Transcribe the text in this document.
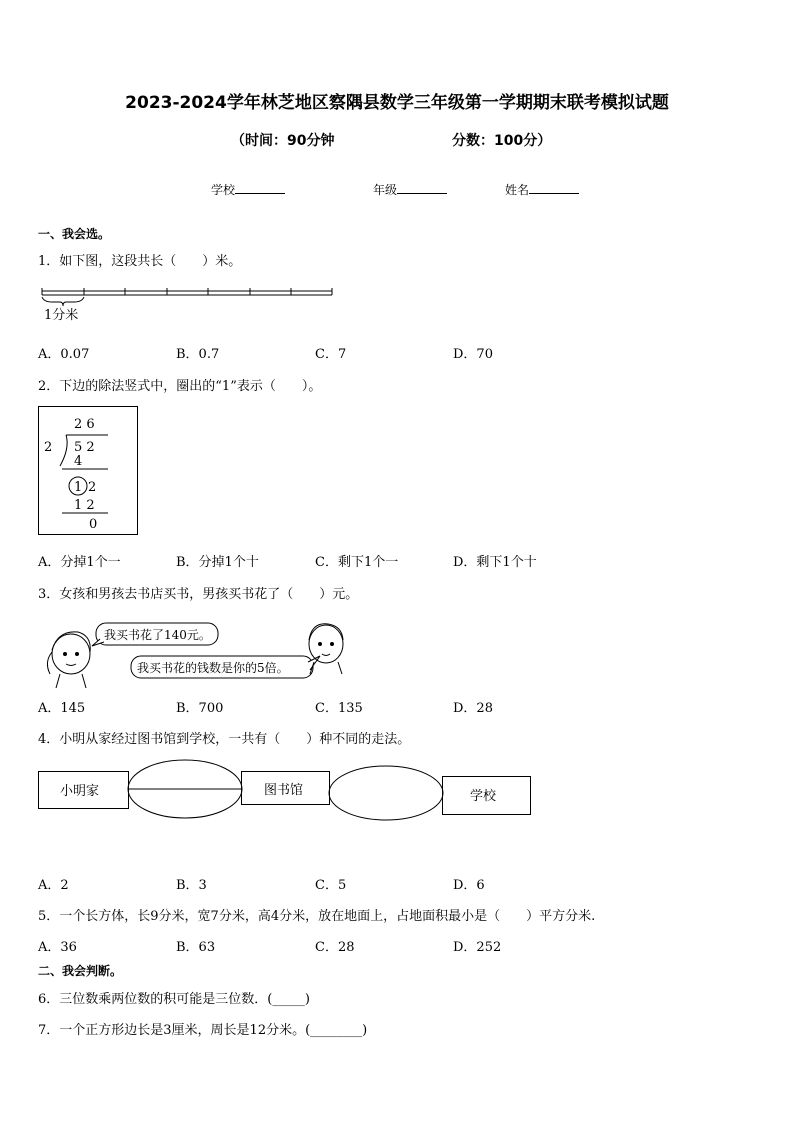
2023-2024学年林芝地区察隅县数学三年级第一学期期末联考模拟试题
（时间：90分钟	分数：100分）
学校	年级	姓名
一、我会选。
1．如下图，这段共长（　　）米。
1分米
A．0.07	B．0.7	C．7	D．70
2．下边的除法竖式中，圈出的“1”表示（　　）。
2 6
2 5 2
4
1 2
1 2
0
A．分掉1个一	B．分掉1个十	C．剩下1个一	D．剩下1个十
3．女孩和男孩去书店买书，男孩买书花了（　　）元。
我买书花了140元。
我买书花的钱数是你的5倍。
A．145	B．700	C．135	D．28
4．小明从家经过图书馆到学校，一共有（　　）种不同的走法。
小明家	图书馆	学校
A．2	B．3	C．5	D．6
5．一个长方体，长9分米，宽7分米，高4分米，放在地面上，占地面积最小是（　　）平方分米.
A．36	B．63	C．28	D．252
二、我会判断。
6．三位数乘两位数的积可能是三位数．(_____)
7．一个正方形边长是3厘米，周长是12分米。(________)
